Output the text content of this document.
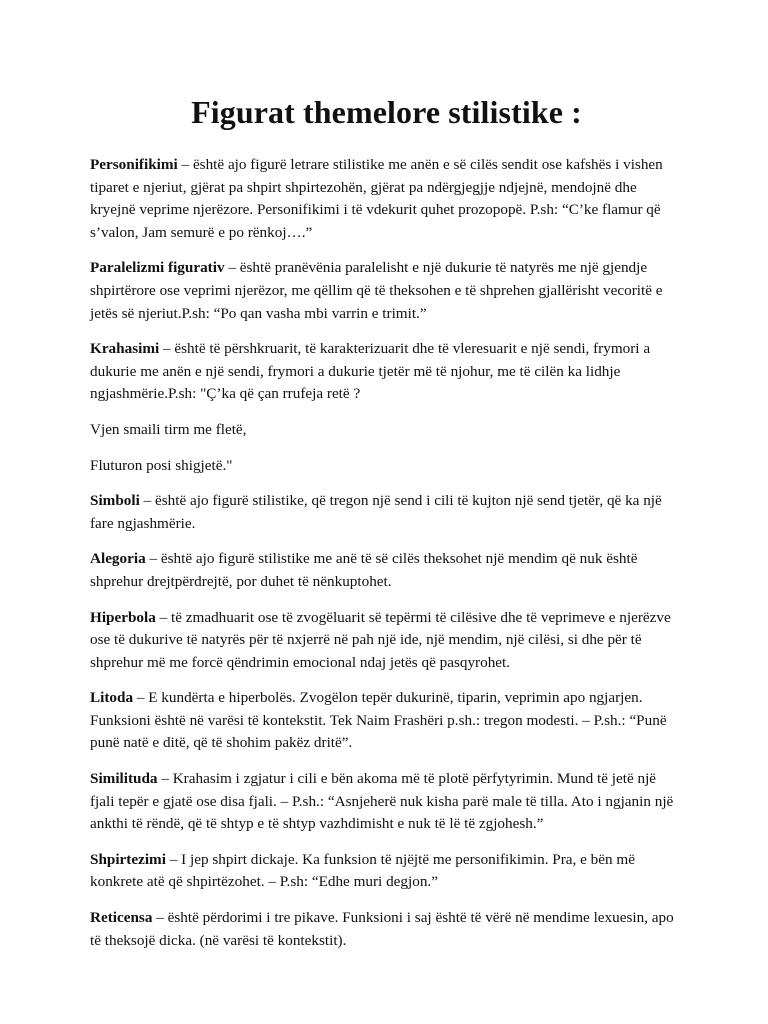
Figurat themelore stilistike :

Personifikimi – është ajo figurë letrare stilistike me anën e së cilës sendit ose kafshës i vishen tiparet e njeriut, gjërat pa shpirt shpirtezohën, gjërat pa ndërgjegjje ndjejnë, mendojnë dhe kryejnë veprime njerëzore. Personifikimi i të vdekurit quhet prozopopë. P.sh: “C’ke flamur që s’valon, Jam semurë e po rënkoj….”

Paralelizmi figurativ – është pranëvënia paralelisht e një dukurie të natyrës me një gjendje shpirtërore ose veprimi njerëzor, me qëllim që të theksohen e të shprehen gjallërisht vecoritë e jetës së njeriut.P.sh: “Po qan vasha mbi varrin e trimit.”

Krahasimi – është të përshkruarit, të karakterizuarit dhe të vleresuarit e një sendi, frymori a dukurie me anën e një sendi, frymori a dukurie tjetër më të njohur, me të cilën ka lidhje ngjashmërie.P.sh: "Ç’ka që çan rrufeja retë ?

Vjen smaili tirm me fletë,

Fluturon posi shigjetë."

Simboli – është ajo figurë stilistike, që tregon një send i cili të kujton një send tjetër, që ka një fare ngjashmërie.

Alegoria – është ajo figurë stilistike me anë të së cilës theksohet një mendim që nuk është shprehur drejtpërdrejtë, por duhet të nënkuptohet.

Hiperbola – të zmadhuarit ose të zvogëluarit së tepërmi të cilësive dhe të veprimeve e njerëzve ose të dukurive të natyrës për të nxjerrë në pah një ide, një mendim, një cilësi, si dhe për të shprehur më me forcë qëndrimin emocional ndaj jetës që pasqyrohet.

Litoda – E kundërta e hiperbolës. Zvogëlon tepër dukurinë, tiparin, veprimin apo ngjarjen. Funksioni është në varësi të kontekstit. Tek Naim Frashëri p.sh.: tregon modesti. – P.sh.: “Punë punë natë e ditë, që të shohim pakëz dritë”.

Similituda – Krahasim i zgjatur i cili e bën akoma më të plotë përfytyrimin. Mund të jetë një fjali tepër e gjatë ose disa fjali. – P.sh.: “Asnjeherë nuk kisha parë male të tilla. Ato i ngjanin një ankthi të rëndë, që të shtyp e të shtyp vazhdimisht e nuk të lë të zgjohesh.”

Shpirtezimi – I jep shpirt dickaje. Ka funksion të njëjtë me personifikimin. Pra, e bën më konkrete atë që shpirtëzohet. – P.sh: “Edhe muri degjon.”

Reticensa – është përdorimi i tre pikave. Funksioni i saj është të vërë në mendime lexuesin, apo të theksojë dicka. (në varësi të kontekstit).
